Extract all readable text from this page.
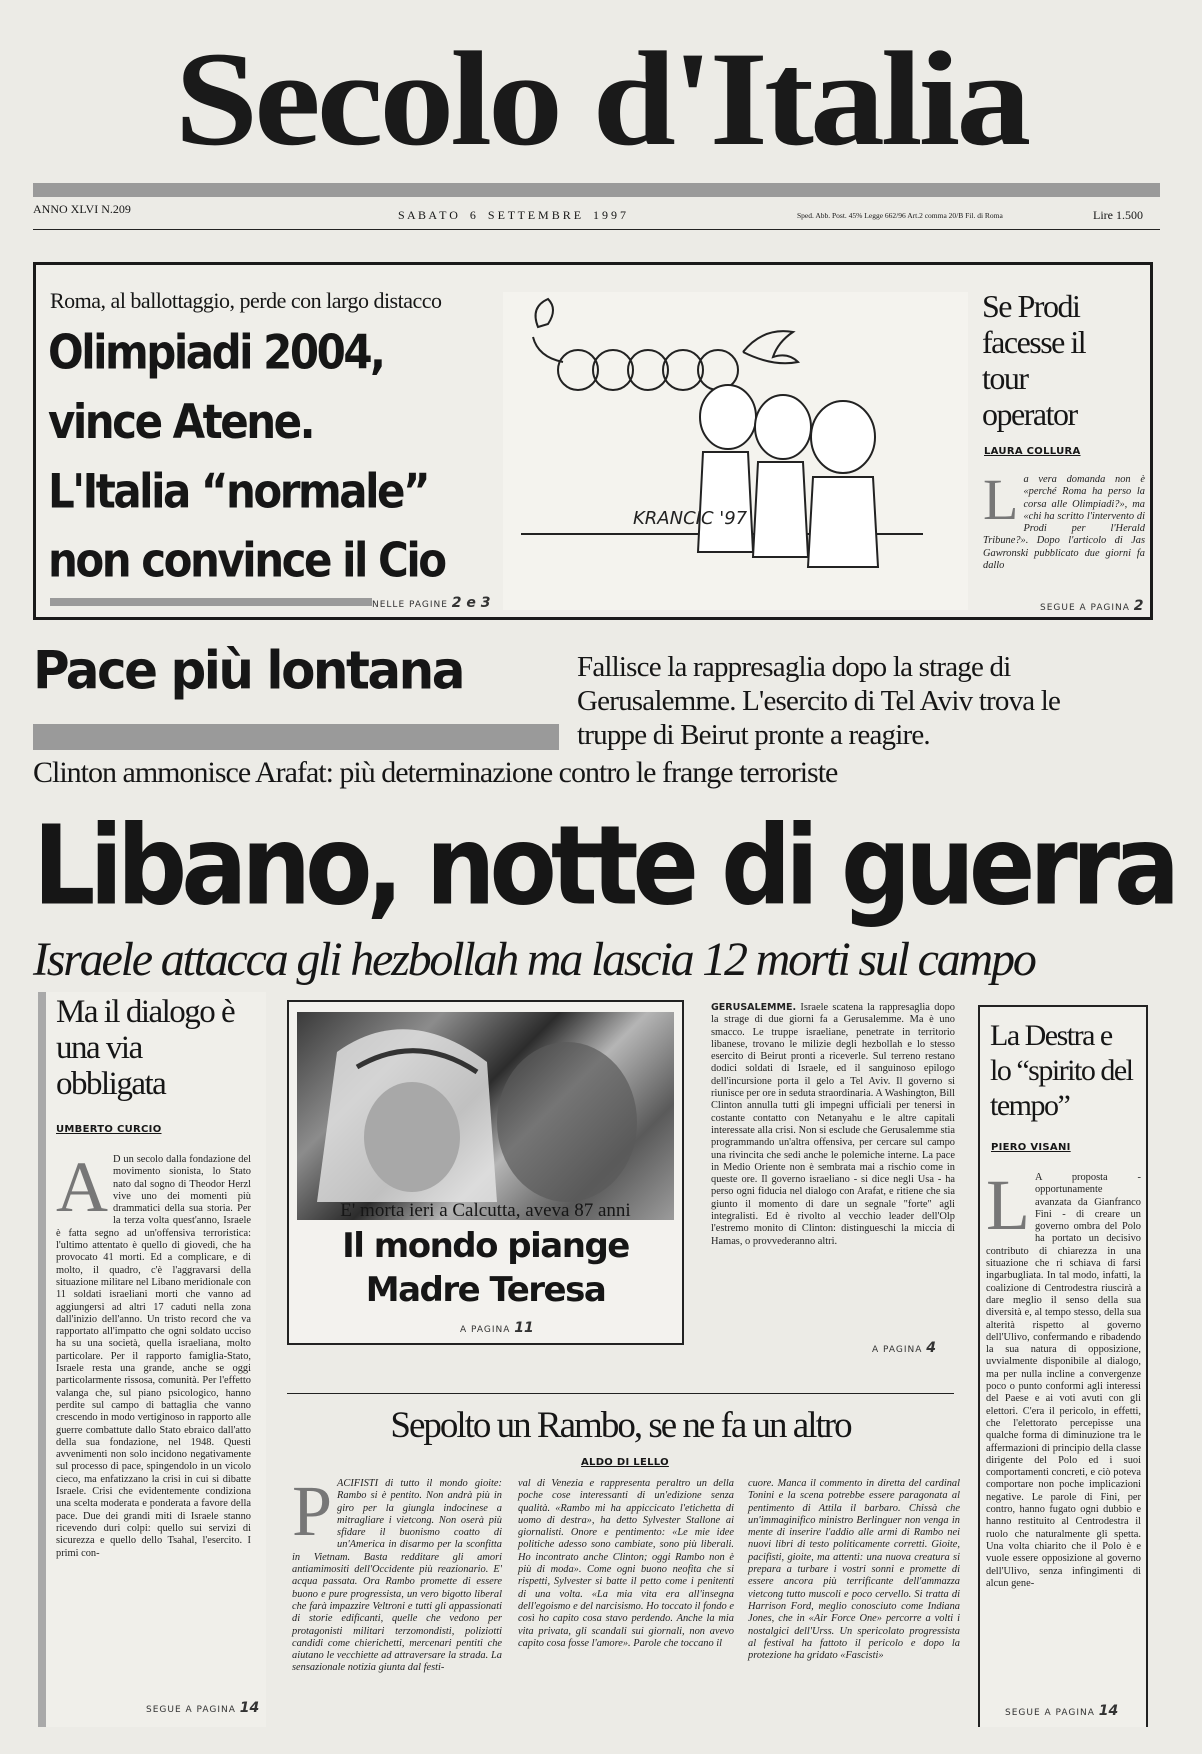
Secolo d'Italia
ANNO XLVI N.209	S A B A T O    6    S E T T E M B R E    1 9 9 7	Sped. Abb. Post. 45% Legge 662/96 Art.2 comma 20/B Fil. di Roma	Lire 1.500
Roma, al ballottaggio, perde con largo distacco
Olimpiadi 2004,
vince Atene.
L'Italia “normale”
non convince il Cio
NELLE PAGINE 2 e 3
KRANCIC '97
Se Prodi facesse il tour operator
LAURA COLLURA
L a vera domanda non è «perché Roma ha perso la corsa alle Olimpiadi?», ma «chi ha scritto l'intervento di Prodi per l'Herald Tribune?». Dopo l'articolo di Jas Gawronski pubblicato due giorni fa dallo

SEGUE A PAGINA 2
Pace più lontana	Fallisce la rappresaglia dopo la strage di Gerusalemme. L'esercito di Tel Aviv trova le truppe di Beirut pronte a reagire.
Clinton ammonisce Arafat: più determinazione contro le frange terroriste
Libano, notte di guerra
Israele attacca gli hezbollah ma lascia 12 morti sul campo
Ma il dialogo è una via obbligata
UMBERTO CURCIO
A D un secolo dalla fondazione del movimento sionista, lo Stato nato dal sogno di Theodor Herzl vive uno dei momenti più drammatici della sua storia. Per la terza volta quest'anno, Israele è fatta segno ad un'offensiva terroristica: l'ultimo attentato è quello di giovedì, che ha provocato 41 morti. Ed a complicare, e di molto, il quadro, c'è l'aggravarsi della situazione militare nel Libano meridionale con 11 soldati israeliani morti che vanno ad aggiungersi ad altri 17 caduti nella zona dall'inizio dell'anno. Un tristo record che va rapportato all'impatto che ogni soldato ucciso ha su una società, quella israeliana, molto particolare. Per il rapporto famiglia-Stato, Israele resta una grande, anche se oggi particolarmente rissosa, comunità. Per l'effetto valanga che, sul piano psicologico, hanno perdite sul campo di battaglia che vanno crescendo in modo vertiginoso in rapporto alle guerre combattute dallo Stato ebraico dall'atto della sua fondazione, nel 1948. Questi avvenimenti non solo incidono negativamente sul processo di pace, spingendolo in un vicolo cieco, ma enfatizzano la crisi in cui si dibatte Israele. Crisi che evidentemente condiziona una scelta moderata e ponderata a favore della pace. Due dei grandi miti di Israele stanno ricevendo duri colpi: quello sui servizi di sicurezza e quello dello Tsahal, l'esercito. I primi con-

SEGUE A PAGINA 14
E' morta ieri a Calcutta, aveva 87 anni
Il mondo piange
Madre Teresa
A PAGINA 11

GERUSALEMME. Israele scatena la rappresaglia dopo la strage di due giorni fa a Gerusalemme. Ma è uno smacco. Le truppe israeliane, penetrate in territorio libanese, trovano le milizie degli hezbollah e lo stesso esercito di Beirut pronti a riceverle. Sul terreno restano dodici soldati di Israele, ed il sanguinoso epilogo dell'incursione porta il gelo a Tel Aviv. Il governo si riunisce per ore in seduta straordinaria. A Washington, Bill Clinton annulla tutti gli impegni ufficiali per tenersi in costante contatto con Netanyahu e le altre capitali interessate alla crisi. Non si esclude che Gerusalemme stia programmando un'altra offensiva, per cercare sul campo una rivincita che sedi anche le polemiche interne. La pace in Medio Oriente non è sembrata mai a rischio come in queste ore. Il governo israeliano - si dice negli Usa - ha perso ogni fiducia nel dialogo con Arafat, e ritiene che sia giunto il momento di dare un segnale "forte" agli integralisti. Ed è rivolto al vecchio leader dell'Olp l'estremo monito di Clinton: distingueschi la miccia di Hamas, o provvederanno altri.

A PAGINA 4
La Destra e lo “spirito del tempo”
PIERO VISANI
L A proposta - opportunamente avanzata da Gianfranco Fini - di creare un governo ombra del Polo ha portato un decisivo contributo di chiarezza in una situazione che ri schiava di farsi ingarbugliata. In tal modo, infatti, la coalizione di Centrodestra riuscirà a dare meglio il senso della sua diversità e, al tempo stesso, della sua alterità rispetto al governo dell'Ulivo, confermando e ribadendo la sua natura di opposizione, uvvialmente disponibile al dialogo, ma per nulla incline a convergenze poco o punto conformi agli interessi del Paese e ai voti avuti con gli elettori. C'era il pericolo, in effetti, che l'elettorato percepisse una qualche forma di diminuzione tra le affermazioni di principio della classe dirigente del Polo ed i suoi comportamenti concreti, e ciò poteva comportare non poche implicazioni negative. Le parole di Fini, per contro, hanno fugato ogni dubbio e hanno restituito al Centrodestra il ruolo che naturalmente gli spetta. Una volta chiarito che il Polo è e vuole essere opposizione al governo dell'Ulivo, senza infingimenti di alcun gene-

SEGUE A PAGINA 14
Sepolto un Rambo, se ne fa un altro
ALDO DI LELLO
P ACIFISTI di tutto il mondo gioite: Rambo si è pentito. Non andrà più in giro per la giungla indocinese a mitragliare i vietcong. Non oserà più sfidare il buonismo coatto di un'America in disarmo per la sconfitta in Vietnam. Basta redditare gli amori antiamimositi dell'Occidente più reazionario. E' acqua passata. Ora Rambo promette di essere buono e pure progressista, un vero bigotto liberal che farà impazzire Veltroni e tutti gli appassionati di storie edificanti, quelle che vedono per protagonisti militari terzomondisti, poliziotti candidi come chierichetti, mercenari pentiti che aiutano le vecchiette ad attraversare la strada. La sensazionale notizia giunta dal festi-

val di Venezia e rappresenta peraltro un della poche cose interessanti di un'edizione senza qualità. «Rambo mi ha appiccicato l'etichetta di uomo di destra», ha detto Sylvester Stallone ai giornalisti. Onore e pentimento: «Le mie idee politiche adesso sono cambiate, sono più liberali. Ho incontrato anche Clinton; oggi Rambo non è più di moda». Come ogni buono neofita che si rispetti, Sylvester si batte il petto come i penitenti di una volta. «La mia vita era all'insegna dell'egoismo e del narcisismo. Ho toccato il fondo e così ho capito cosa stavo perdendo. Anche la mia vita privata, gli scandali sui giornali, non avevo capito cosa fosse l'amore». Parole che toccano il

cuore. Manca il commento in diretta del cardinal Tonini e la scena potrebbe essere paragonata al pentimento di Attila il barbaro. Chissà che un'immaginifico ministro Berlinguer non venga in mente di inserire l'addio alle armi di Rambo nei nuovi libri di testo politicamente corretti. Gioite, pacifisti, gioite, ma attenti: una nuova creatura si prepara a turbare i vostri sonni e promette di essere ancora più terrificante dell'ammazza vietcong tutto muscoli e poco cervello. Si tratta di Harrison Ford, meglio conosciuto come Indiana Jones, che in «Air Force One» percorre a volti i nostalgici dell'Urss. Un spericolato progressista al festival ha fattoto il pericolo e dopo la protezione ha gridato «Fascisti»
